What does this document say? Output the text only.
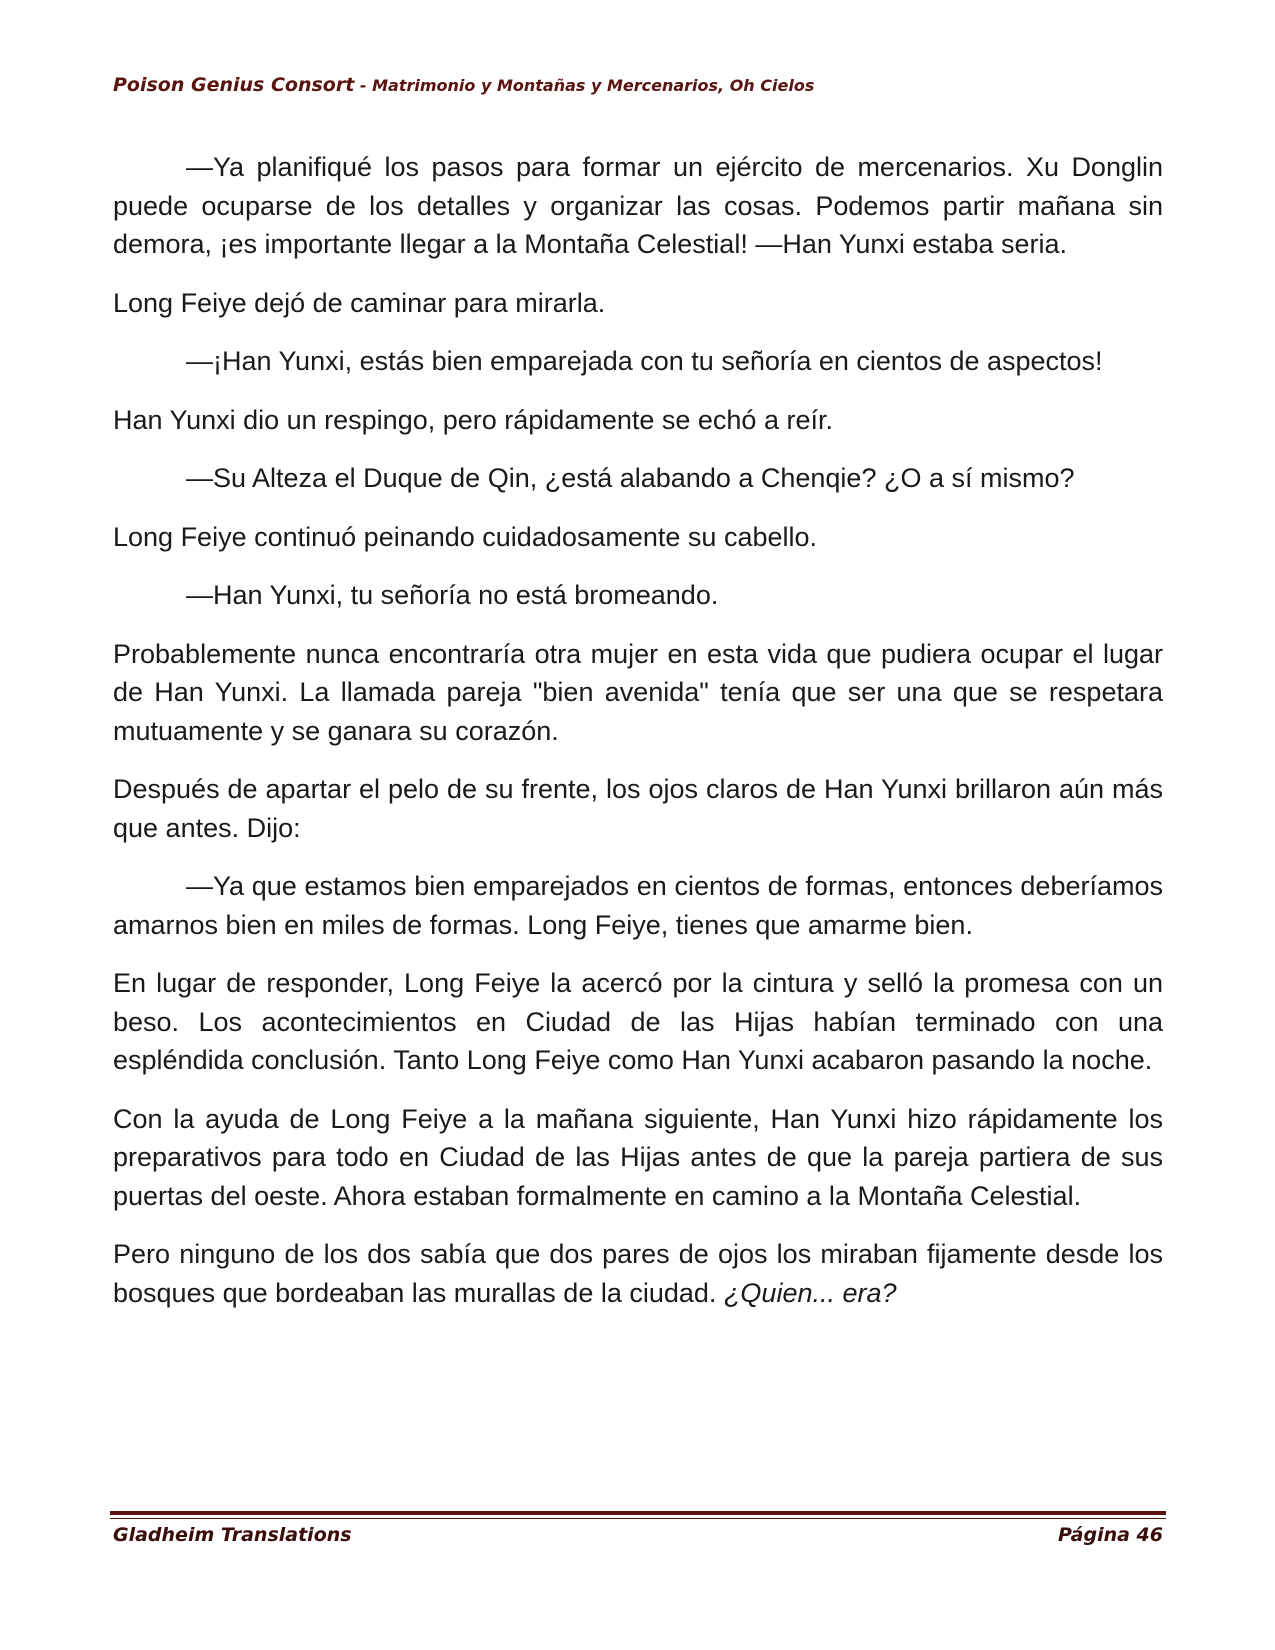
Poison Genius Consort - Matrimonio y Montañas y Mercenarios, Oh Cielos

—Ya planifiqué los pasos para formar un ejército de mercenarios. Xu Donglin puede ocuparse de los detalles y organizar las cosas. Podemos partir mañana sin demora, ¡es importante llegar a la Montaña Celestial! —Han Yunxi estaba seria.

Long Feiye dejó de caminar para mirarla.

—¡Han Yunxi, estás bien emparejada con tu señoría en cientos de aspectos!

Han Yunxi dio un respingo, pero rápidamente se echó a reír.

—Su Alteza el Duque de Qin, ¿está alabando a Chenqie? ¿O a sí mismo?

Long Feiye continuó peinando cuidadosamente su cabello.

—Han Yunxi, tu señoría no está bromeando.

Probablemente nunca encontraría otra mujer en esta vida que pudiera ocupar el lugar de Han Yunxi. La llamada pareja "bien avenida" tenía que ser una que se respetara mutuamente y se ganara su corazón.

Después de apartar el pelo de su frente, los ojos claros de Han Yunxi brillaron aún más que antes. Dijo:

—Ya que estamos bien emparejados en cientos de formas, entonces deberíamos amarnos bien en miles de formas. Long Feiye, tienes que amarme bien.

En lugar de responder, Long Feiye la acercó por la cintura y selló la promesa con un beso. Los acontecimientos en Ciudad de las Hijas habían terminado con una espléndida conclusión. Tanto Long Feiye como Han Yunxi acabaron pasando la noche.

Con la ayuda de Long Feiye a la mañana siguiente, Han Yunxi hizo rápidamente los preparativos para todo en Ciudad de las Hijas antes de que la pareja partiera de sus puertas del oeste. Ahora estaban formalmente en camino a la Montaña Celestial.

Pero ninguno de los dos sabía que dos pares de ojos los miraban fijamente desde los bosques que bordeaban las murallas de la ciudad. ¿Quien... era?

Gladheim Translations	Página 46
